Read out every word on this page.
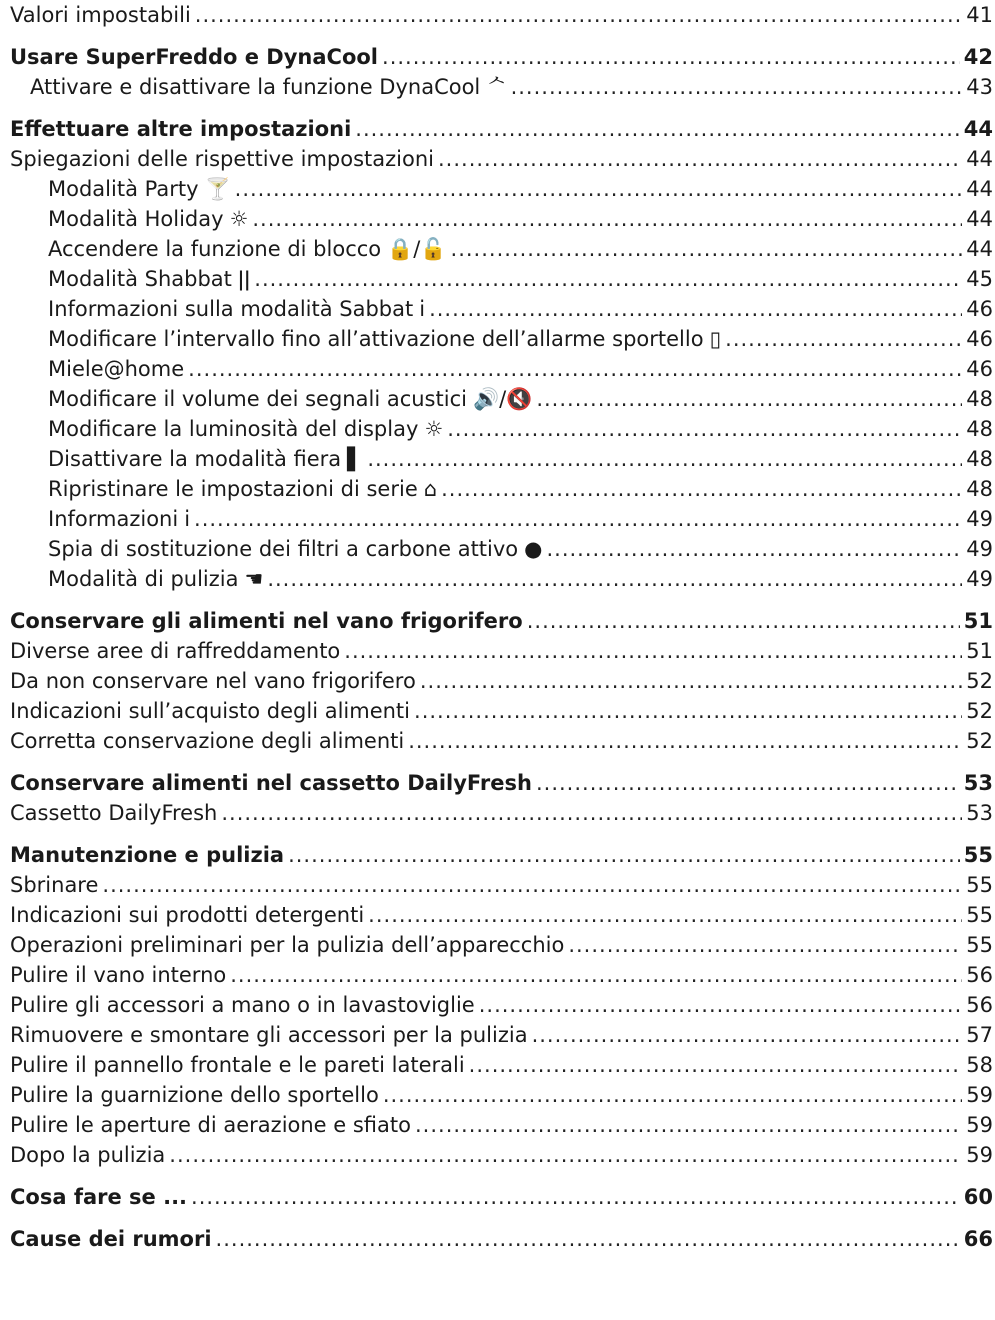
Valori impostabili .....	41
Usare SuperFreddo e DynaCool .....	42
Attivare e disattivare la funzione DynaCool ᄉ .....	43
Effettuare altre impostazioni .....	44
Spiegazioni delle rispettive impostazioni .....	44
Modalità Party 🍸 .....	44
Modalità Holiday ☼ .....	44
Accendere la funzione di blocco 🔒/🔓 .....	44
Modalità Shabbat ǀǀ .....	45
Informazioni sulla modalità Sabbat i .....	46
Modificare l’intervallo fino all’attivazione dell’allarme sportello ▯ .....	46
Miele@home .....	46
Modificare il volume dei segnali acustici 🔊/🔇 .....	48
Modificare la luminosità del display ☼ .....	48
Disattivare la modalità fiera ▌ .....	48
Ripristinare le impostazioni di serie ⌂ .....	48
Informazioni i .....	49
Spia di sostituzione dei filtri a carbone attivo ● .....	49
Modalità di pulizia ☚ .....	49
Conservare gli alimenti nel vano frigorifero .....	51
Diverse aree di raffreddamento .....	51
Da non conservare nel vano frigorifero .....	52
Indicazioni sull’acquisto degli alimenti .....	52
Corretta conservazione degli alimenti .....	52
Conservare alimenti nel cassetto DailyFresh .....	53
Cassetto DailyFresh .....	53
Manutenzione e pulizia .....	55
Sbrinare .....	55
Indicazioni sui prodotti detergenti .....	55
Operazioni preliminari per la pulizia dell’apparecchio .....	55
Pulire il vano interno .....	56
Pulire gli accessori a mano o in lavastoviglie .....	56
Rimuovere e smontare gli accessori per la pulizia .....	57
Pulire il pannello frontale e le pareti laterali .....	58
Pulire la guarnizione dello sportello .....	59
Pulire le aperture di aerazione e sfiato .....	59
Dopo la pulizia .....	59
Cosa fare se ... .....	60
Cause dei rumori .....	66
